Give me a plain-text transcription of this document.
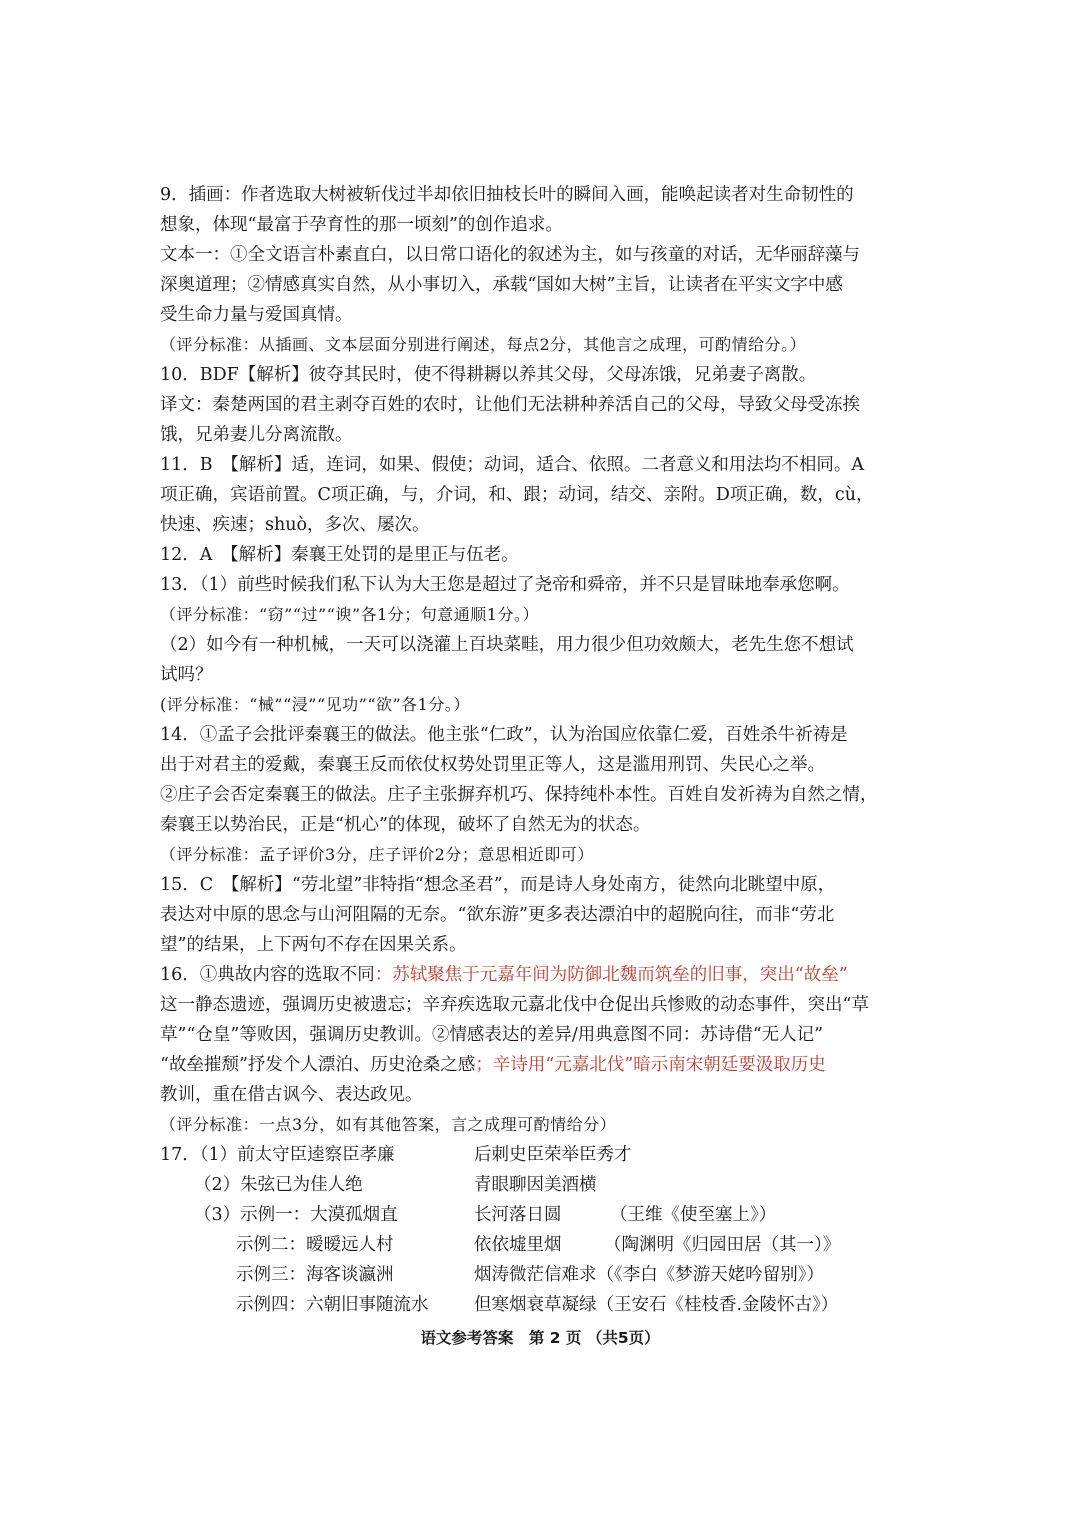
9．插画：作者选取大树被斩伐过半却依旧抽枝长叶的瞬间入画，能唤起读者对生命韧性的
想象，体现“最富于孕育性的那一顷刻”的创作追求。
文本一：①全文语言朴素直白，以日常口语化的叙述为主，如与孩童的对话，无华丽辞藻与
深奥道理；②情感真实自然，从小事切入，承载“国如大树”主旨，让读者在平实文字中感
受生命力量与爱国真情。
（评分标准：从插画、文本层面分别进行阐述，每点2分，其他言之成理，可酌情给分。）
10．BDF【解析】彼夺其民时，使不得耕耨以养其父母，父母冻饿，兄弟妻子离散。
译文：秦楚两国的君主剥夺百姓的农时，让他们无法耕种养活自己的父母，导致父母受冻挨
饿，兄弟妻儿分离流散。
11．B　【解析】适，连词，如果、假使；动词，适合、依照。二者意义和用法均不相同。A
项正确，宾语前置。C项正确，与，介词，和、跟；动词，结交、亲附。D项正确，数，cù，
快速、疾速；shuò，多次、屡次。
12．A　【解析】秦襄王处罚的是里正与伍老。
13．（1）前些时候我们私下认为大王您是超过了尧帝和舜帝，并不只是冒昧地奉承您啊。
（评分标准：“窃”“过”“谀”各1分；句意通顺1分。）
（2）如今有一种机械，一天可以浇灌上百块菜畦，用力很少但功效颇大，老先生您不想试
试吗？
(评分标准：“械”“浸”“见功”“欲”各1分。）
14．①孟子会批评秦襄王的做法。他主张“仁政”，认为治国应依靠仁爱，百姓杀牛祈祷是
出于对君主的爱戴，秦襄王反而依仗权势处罚里正等人，这是滥用刑罚、失民心之举。
②庄子会否定秦襄王的做法。庄子主张摒弃机巧、保持纯朴本性。百姓自发祈祷为自然之情，
秦襄王以势治民，正是“机心”的体现，破坏了自然无为的状态。
（评分标准：孟子评价3分，庄子评价2分；意思相近即可）
15．C　【解析】“劳北望”非特指“想念圣君”，而是诗人身处南方，徒然向北眺望中原，
表达对中原的思念与山河阻隔的无奈。“欲东游”更多表达漂泊中的超脱向往，而非“劳北
望”的结果，上下两句不存在因果关系。
16．①典故内容的选取不同：苏轼聚焦于元嘉年间为防御北魏而筑垒的旧事，突出“故垒”
这一静态遗迹，强调历史被遗忘；辛弃疾选取元嘉北伐中仓促出兵惨败的动态事件，突出“草
草”“仓皇”等败因，强调历史教训。②情感表达的差异/用典意图不同：苏诗借“无人记”
“故垒摧颓”抒发个人漂泊、历史沧桑之感；辛诗用“元嘉北伐”暗示南宋朝廷要汲取历史
教训，重在借古讽今、表达政见。
（评分标准：一点3分，如有其他答案，言之成理可酌情给分）
17．（1）前太守臣逵察臣孝廉	后刺史臣荣举臣秀才
（2）朱弦已为佳人绝	青眼聊因美酒横
（3）示例一：大漠孤烟直	长河落日圆	（王维《使至塞上》）
示例二：暧暧远人村	依依墟里烟	（陶渊明《归园田居（其一）》
示例三：海客谈瀛洲	烟涛微茫信难求（《李白《梦游天姥吟留别》）
示例四：六朝旧事随流水	但寒烟衰草凝绿（王安石《桂枝香.金陵怀古》）
语文参考答案　第 2 页 （共5页）
